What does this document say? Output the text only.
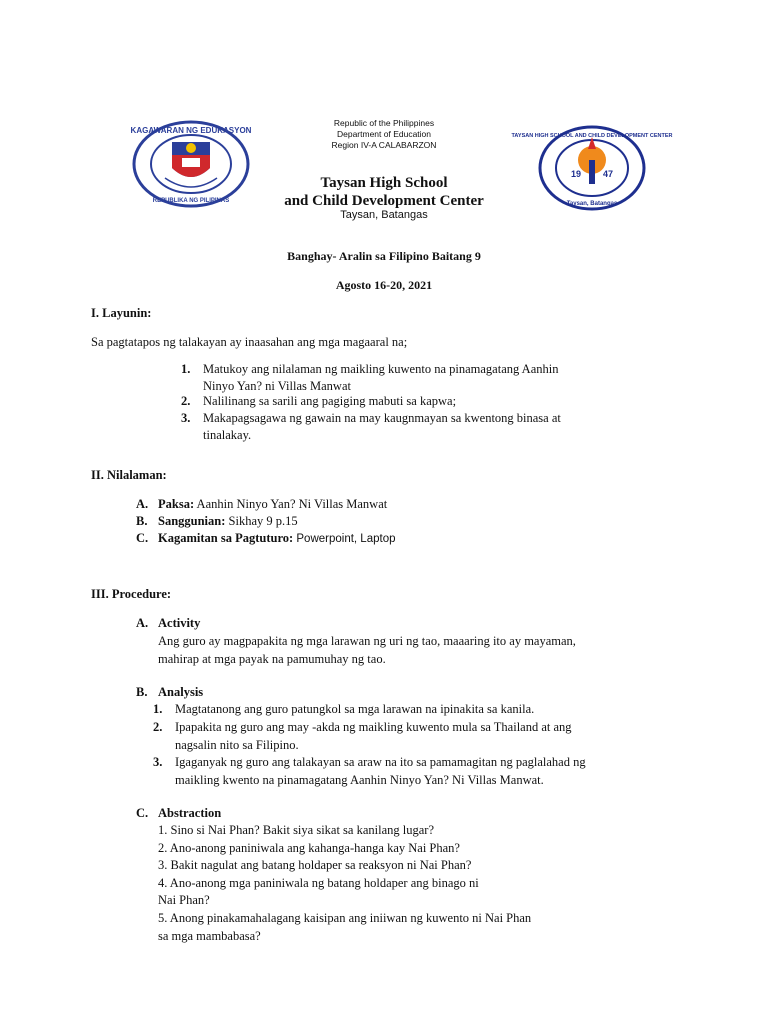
KAGAWARAN NG EDUKASYON
REPUBLIKA NG PILIPINAS
19 47
TAYSAN HIGH SCHOOL AND CHILD DEVELOPMENT CENTER
Taysan, Batangas
Republic of the Philippines
Department of Education
Region IV-A CALABARZON
Taysan High School
and Child Development Center
Taysan, Batangas
Banghay- Aralin sa Filipino Baitang 9
Agosto 16-20, 2021
I. Layunin:
Sa pagtatapos ng talakayan ay inaasahan ang mga magaaral na;
1. Matukoy ang nilalaman ng maikling kuwento na pinamagatang Aanhin
Ninyo Yan? ni Villas Manwat
2. Nalilinang sa sarili ang pagiging mabuti sa kapwa;
3. Makapagsagawa ng gawain na may kaugnmayan sa kwentong binasa at
tinalakay.
II. Nilalaman:
A. Paksa: Aanhin Ninyo Yan? Ni Villas Manwat
B. Sanggunian: Sikhay 9 p.15
C. Kagamitan sa Pagtuturo: Powerpoint, Laptop
III. Procedure:
A. Activity
Ang guro ay magpapakita ng mga larawan ng uri ng tao, maaaring ito ay mayaman,
mahirap at mga payak na pamumuhay ng tao.
B. Analysis
1. Magtatanong ang guro patungkol sa mga larawan na ipinakita sa kanila.
2. Ipapakita ng guro ang may -akda ng maikling kuwento mula sa Thailand at ang
nagsalin nito sa Filipino.
3. Igaganyak ng guro ang talakayan sa araw na ito sa pamamagitan ng paglalahad ng
maikling kwento na pinamagatang Aanhin Ninyo Yan? Ni Villas Manwat.
C. Abstraction
1. Sino si Nai Phan? Bakit siya sikat sa kanilang lugar?
2. Ano-anong paniniwala ang kahanga-hanga kay Nai Phan?
3. Bakit nagulat ang batang holdaper sa reaksyon ni Nai Phan?
4. Ano-anong mga paniniwala ng batang holdaper ang binago ni
Nai Phan?
5. Anong pinakamahalagang kaisipan ang iniiwan ng kuwento ni Nai Phan
sa mga mambabasa?
